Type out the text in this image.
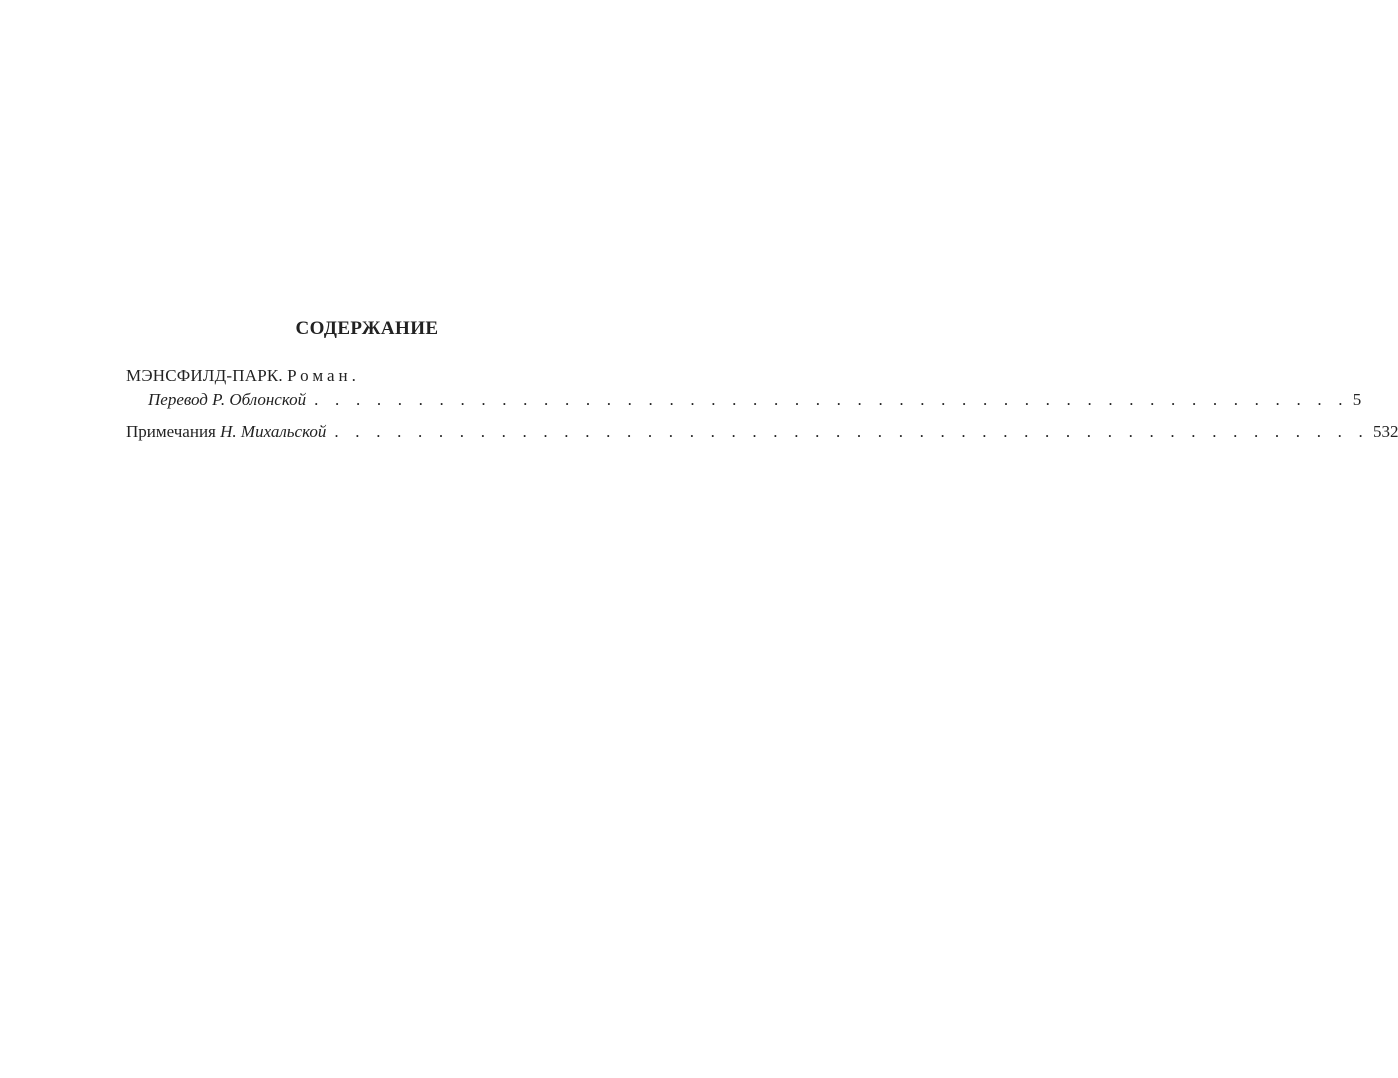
СОДЕРЖАНИЕ
МЭНСФИЛД-ПАРК.
Роман.
Перевод Р. Облонской . . . . . . . . . . . . . . . . . . . . . . . . . . . . . . . . . . . . . . . . . . . . . . . . . . 5
Примечания
Н. Михальской . . . . . . . . . . . . . . . . . . . . . . . . . . . . . . . . . . . . . . . . . . . . . . . . . . 532
